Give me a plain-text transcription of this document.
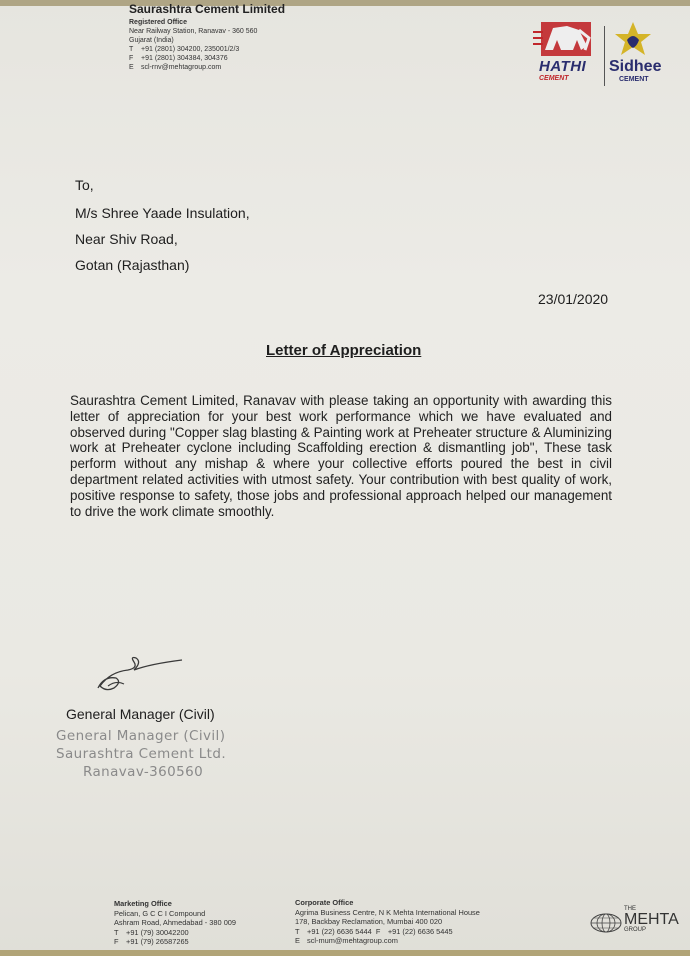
Saurashtra Cement Limited
Registered Office
Near Railway Station, Ranavav - 360 560
Gujarat (India)
T +91 (2801) 304200, 235001/2/3
F +91 (2801) 304384, 304376
E scl-rnv@mehtagroup.com	HATHI
CEMENT
Sidhee
CEMENT
To,
M/s Shree Yaade Insulation,
Near Shiv Road,
Gotan (Rajasthan)
23/01/2020
Letter of Appreciation
Saurashtra Cement Limited, Ranavav with please taking an opportunity with awarding this letter of appreciation for your best work performance which we have evaluated and observed during "Copper slag blasting & Painting work at Preheater structure & Aluminizing work at Preheater cyclone including Scaffolding erection & dismantling job", These task perform without any mishap & where your collective efforts poured the best in civil department related activities with utmost safety. Your contribution with best quality of work, positive response to safety, those jobs and professional approach helped our management to drive the work climate smoothly.
General Manager (Civil)
General Manager (Civil)
Saurashtra Cement Ltd.
Ranavav-360560
Marketing Office
Pelican, G C C I Compound
Ashram Road, Ahmedabad - 380 009
T +91 (79) 30042200
F +91 (79) 26587265
Corporate Office
Agrima Business Centre, N K Mehta International House
178, Backbay Reclamation, Mumbai 400 020
T +91 (22) 6636 5444 F +91 (22) 6636 5445
E scl-mum@mehtagroup.com
THE
MEHTA
GROUP
